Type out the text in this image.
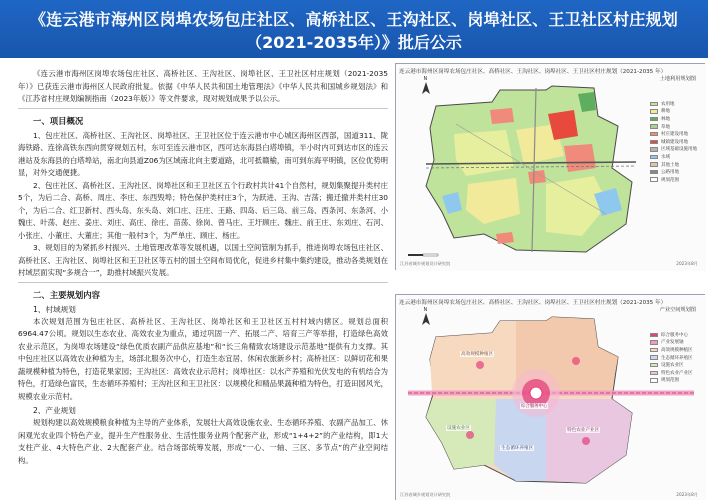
《连云港市海州区岗埠农场包庄社区、高桥社区、王沟社区、岗埠社区、王卫社区村庄规划
（2021-2035年）》批后公示

《连云港市海州区岗埠农场包庄社区、高桥社区、王沟社区、岗埠社区、王卫社区村庄规划（2021-2035年）》已获连云港市海州区人民政府批复。依据《中华人民共和国土地管理法》《中华人民共和国城乡规划法》和《江苏省村庄规划编制指南（2023年版）》等文件要求，现对规划成果予以公示。

一、项目概况

1、包庄社区、高桥社区、王沟社区、岗埠社区、王卫社区位于连云港市中心城区海州区西部，国道311、陇海铁路、连徐高铁东西向贯穿规划五村，东可至连云港市区，西可达东海县白塔埠镇，半小时内可到达市区的连云港站及东海县的白塔埠站，南北向县道Z06为区域南北向主要道路，北可抵赣榆，南可到东海平明镇，区位优势明显，对外交通便捷。

2、包庄社区、高桥社区、王沟社区、岗埠社区和王卫社区五个行政村共计41个自然村，规划集聚提升类村庄5个，为后二合、高桥、周庄、李庄、东西毁埠；特色保护类村庄3个，为跃进、王沟、吉荡；搬迁撤并类村庄30个，为后二合、红卫新村、西头岛、东头岛、刘口庄、汪庄、王路、四岛、后三岛、前三岛、西条河、东条河、小魏庄、叶荡、赵庄、姜庄、刘庄、高庄、徐庄、苗荡、徐岗、曾马庄、王圩顾庄、魏庄、前王庄、东刘庄、石河、小张庄、小董庄、大董庄；其他一般村3个，为严单庄、顾庄、杨庄。

3、规划目的为紧抓乡村振兴、土地管理改革等发展机遇，以国土空间管制为抓手，推进岗埠农场包庄社区、高桥社区、王沟社区、岗埠社区和王卫社区等五村的国土空间布局优化，促进乡村集中集约建设，推动各类规划在村域层面实现“多规合一”，助推村域振兴发展。

二、主要规划内容
1、村域规划

本次规划范围为包庄社区、高桥社区、王沟社区、岗埠社区和王卫社区五村村域内辖区。规划总面积6964.47公顷。规划以生态农业、高效农业为重点，通过巩固一产、拓展二产、培育三产等举措，打造绿色高效农业示范区，为岗埠农场建设“绿色优质农副产品供应基地”和“长三角精致农场建设示范基地”提供有力支撑。其中包庄社区以高效农业种植为主，场部北服务次中心，打造生态宜居、休闲农旅新乡村；高桥社区：以鲜切花和果蔬规模种植为特色，打造花果家园；王沟社区：高效农业示范村；岗埠社区：以水产养殖和光伏发电的有机结合为特色，打造绿色富民，生态循环养殖村；王沟社区和王卫社区：以规模化和精品果蔬种植为特色，打造田园风光，规模农业示范村。

2、产业规划

规划构建以高效规模粮食种植为主导的产业体系，发展壮大高效设施农业、生态循环养殖、农副产品加工、休闲观光农业四个特色产业，提升生产性服务业、生活性服务业两个配套产业，形成“1+4+2”的产业结构，即1大支柱产业、4大特色产业、2大配套产业。结合场部统筹发展，形成“一心、一轴、三区、多节点”的产业空间结构。

N
连云港市海州区岗埠农场包庄社区、高桥社区、王沟社区、岗埠社区、王卫社区村庄规划（2021-2035 年）
土地利用规划图
农用地
耕地
林地
草地
村庄建设用地
城镇建设用地
区域基础设施用地
水域
其他土地
公路用地
规划范围
江苏省城乡规划设计研究院	2023年8月
N
连云港市海州区岗埠农场包庄社区、高桥社区、王沟社区、岗埠社区、王卫社区村庄规划（2021-2035 年）
产业空间规划图
高效规模种植区
设施农业区
生态循环养殖区
特色农业产业区
综合服务中心
综合服务中心
产业发展轴
高效规模种植区
生态循环养殖区
设施农业区
特色农业产业区
规划范围
江苏省城乡规划设计研究院	2023年8月
